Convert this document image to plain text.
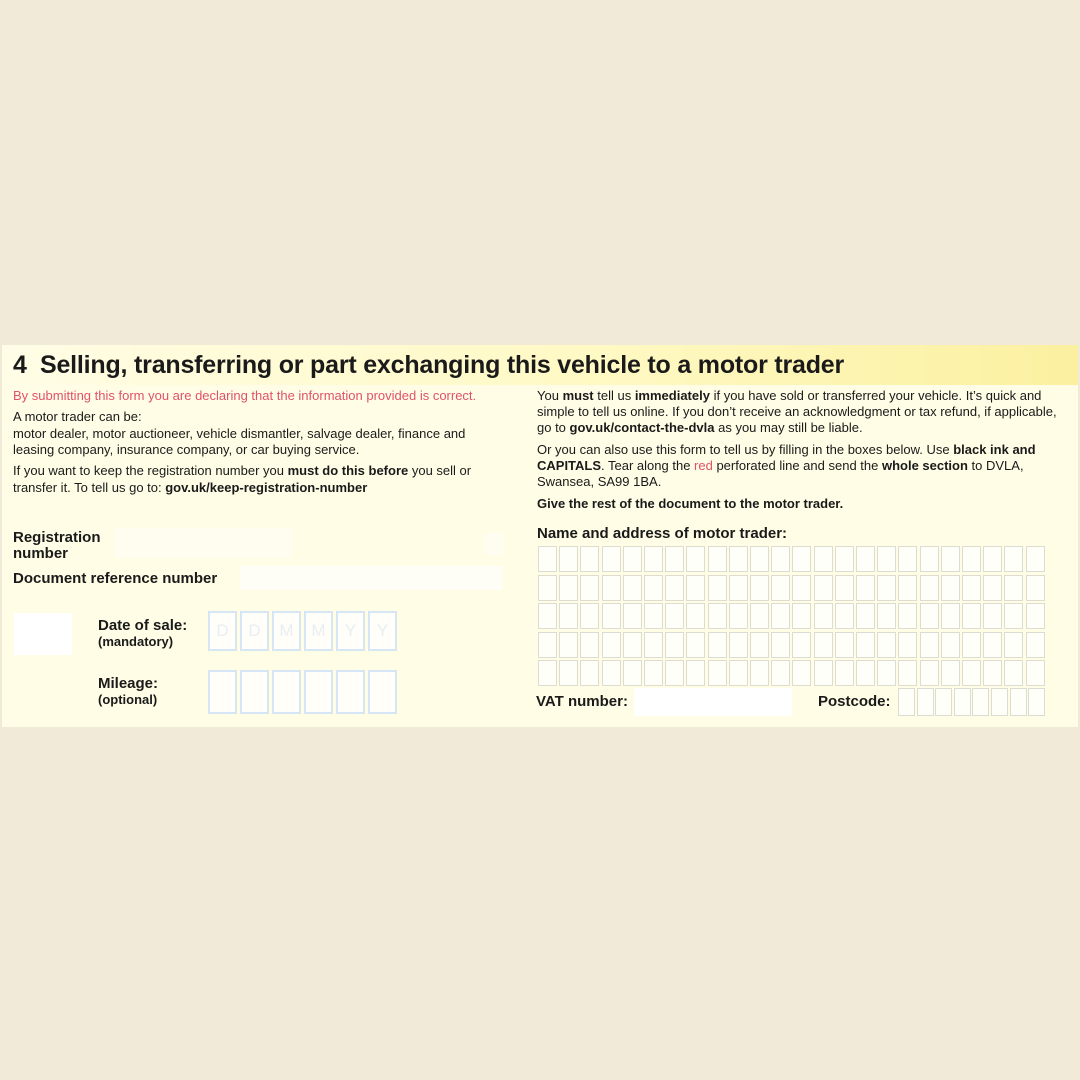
4 Selling, transferring or part exchanging this vehicle to a motor trader
By submitting this form you are declaring that the information provided is correct.
A motor trader can be:
motor dealer, motor auctioneer, vehicle dismantler, salvage dealer, finance and
leasing company, insurance company, or car buying service.
If you want to keep the registration number you must do this before you sell or
transfer it. To tell us go to: gov.uk/keep-registration-number
Registration
number
Document reference number
Date of sale:
(mandatory)
D	D	M	M	Y	Y
Mileage:
(optional)
You must tell us immediately if you have sold or transferred your vehicle. It’s quick and
simple to tell us online. If you don’t receive an acknowledgment or tax refund, if applicable,
go to gov.uk/contact-the-dvla as you may still be liable.
Or you can also use this form to tell us by filling in the boxes below. Use black ink and
CAPITALS. Tear along the red perforated line and send the whole section to DVLA,
Swansea, SA99 1BA.
Give the rest of the document to the motor trader.
Name and address of motor trader:
VAT number:	Postcode:
